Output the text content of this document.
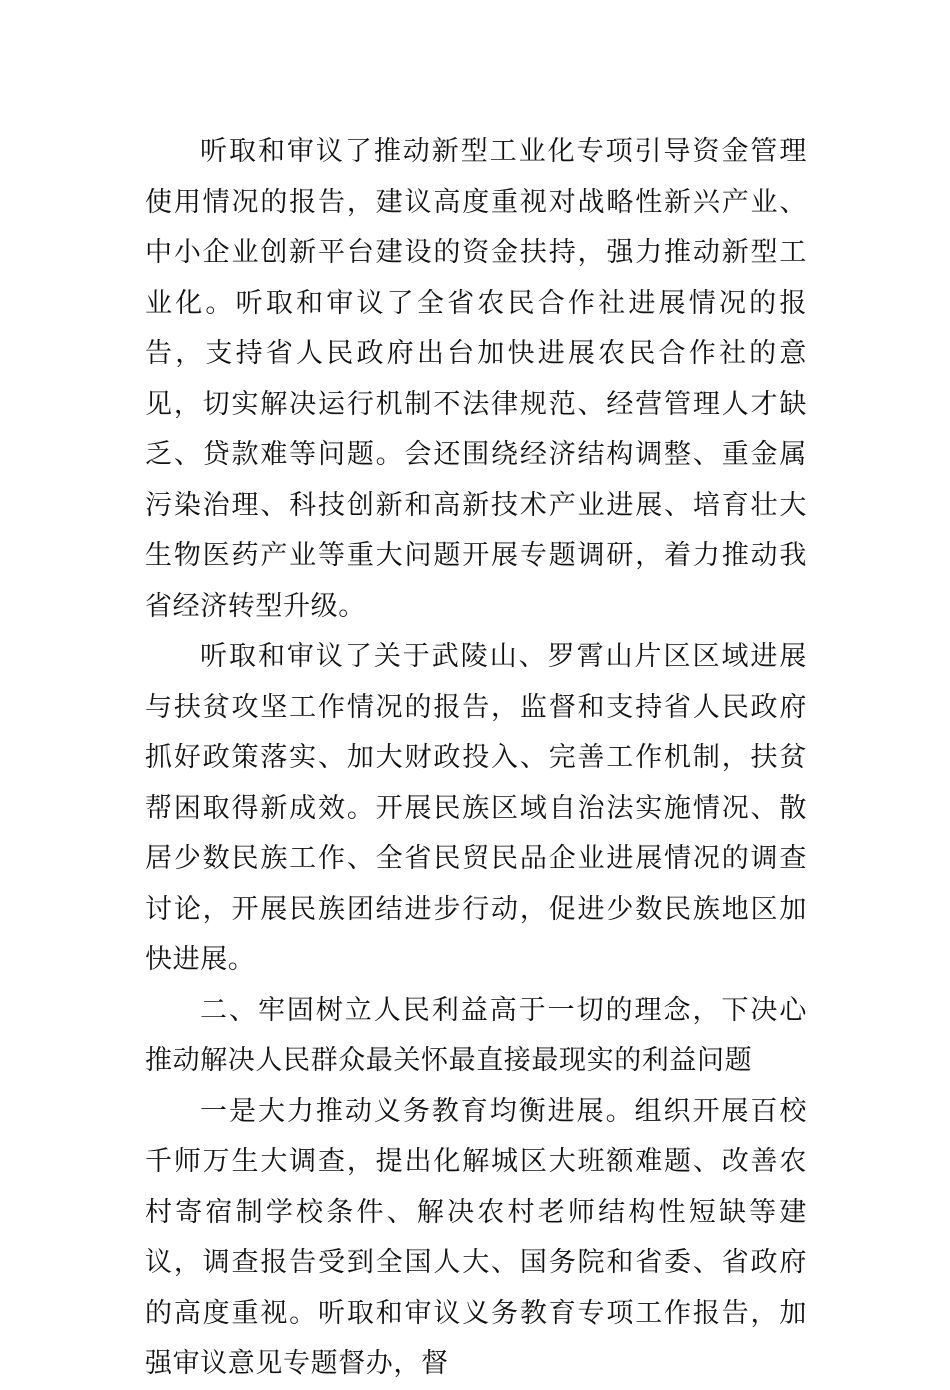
听取和审议了推动新型工业化专项引导资金管理使用情况的报告，建议高度重视对战略性新兴产业、中小企业创新平台建设的资金扶持，强力推动新型工业化。听取和审议了全省农民合作社进展情况的报告，支持省人民政府出台加快进展农民合作社的意见，切实解决运行机制不法律规范、经营管理人才缺乏、贷款难等问题。会还围绕经济结构调整、重金属污染治理、科技创新和高新技术产业进展、培育壮大生物医药产业等重大问题开展专题调研，着力推动我省经济转型升级。

听取和审议了关于武陵山、罗霄山片区区域进展与扶贫攻坚工作情况的报告，监督和支持省人民政府抓好政策落实、加大财政投入、完善工作机制，扶贫帮困取得新成效。开展民族区域自治法实施情况、散居少数民族工作、全省民贸民品企业进展情况的调查讨论，开展民族团结进步行动，促进少数民族地区加快进展。

二、牢固树立人民利益高于一切的理念，下决心推动解决人民群众最关怀最直接最现实的利益问题

一是大力推动义务教育均衡进展。组织开展百校千师万生大调查，提出化解城区大班额难题、改善农村寄宿制学校条件、解决农村老师结构性短缺等建议，调查报告受到全国人大、国务院和省委、省政府的高度重视。听取和审议义务教育专项工作报告，加强审议意见专题督办，督
